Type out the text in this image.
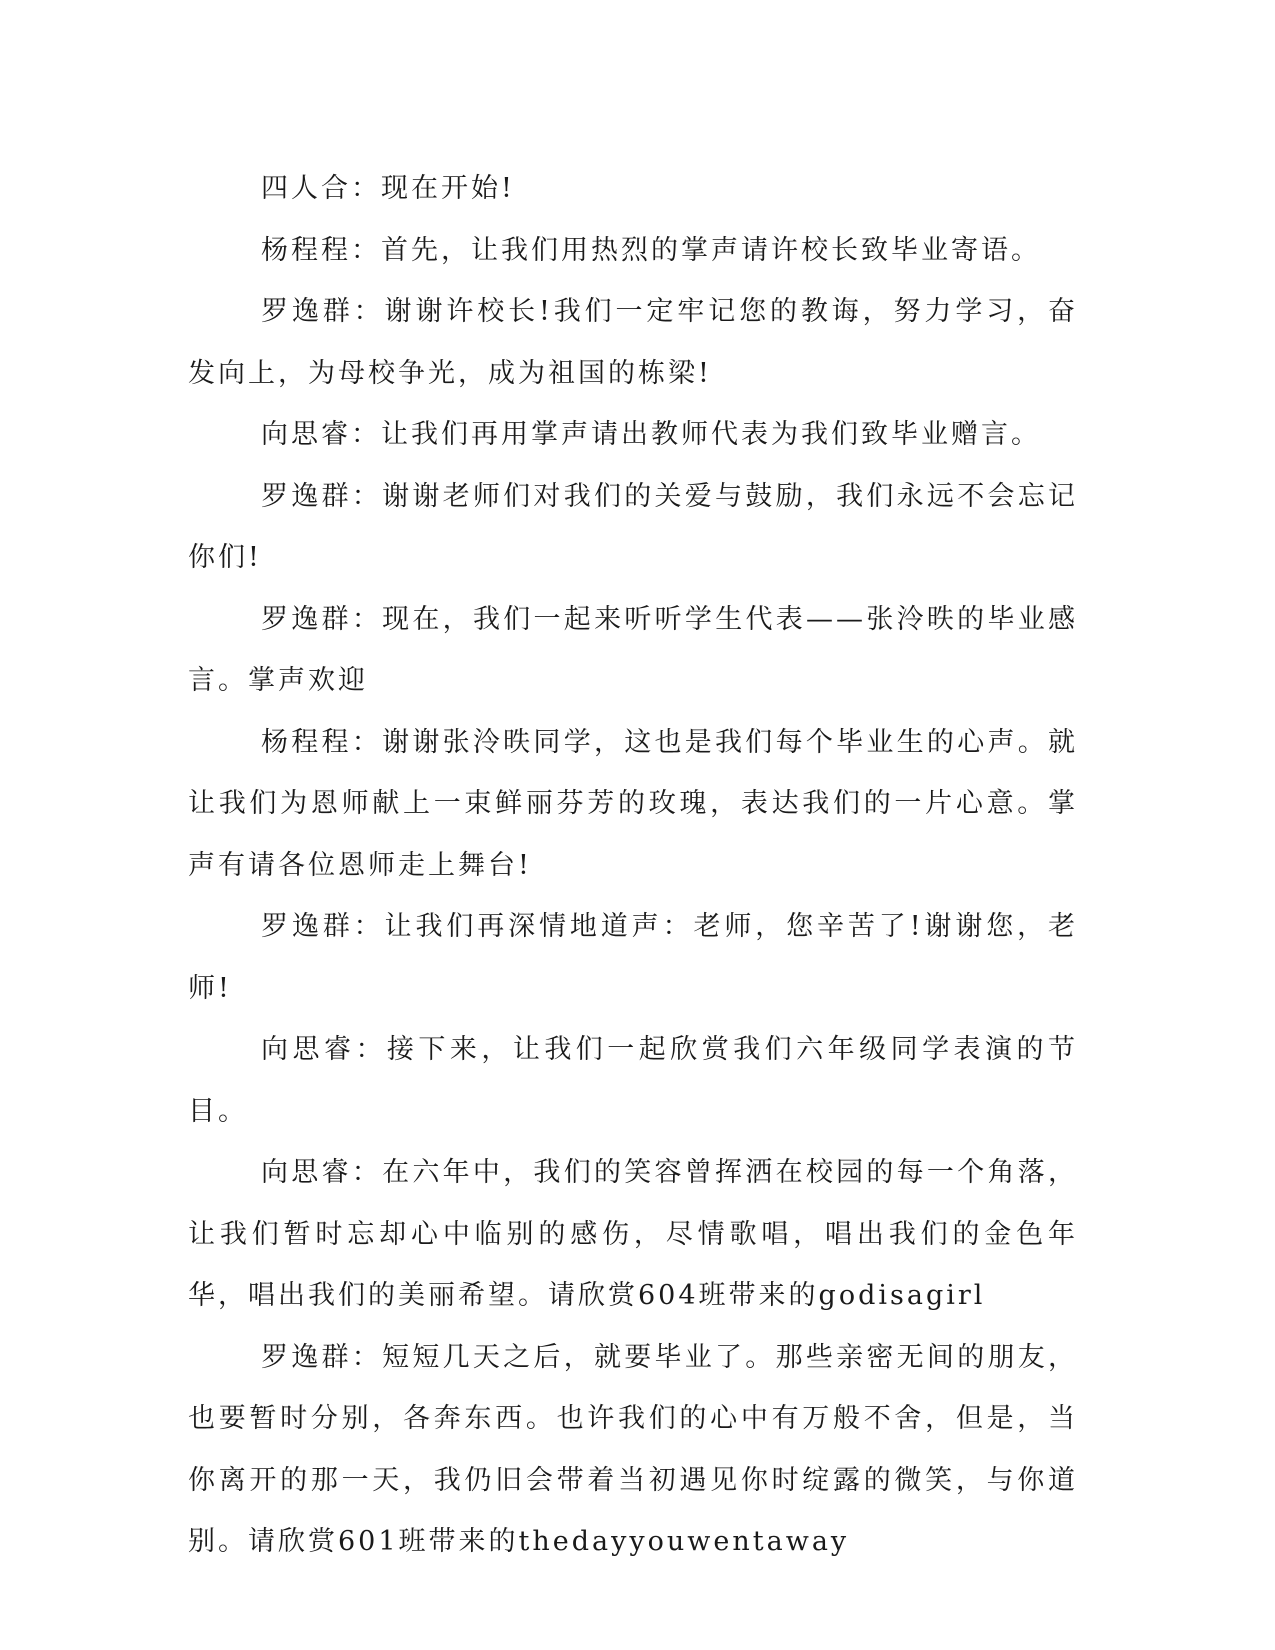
四人合：现在开始!

杨程程：首先，让我们用热烈的掌声请许校长致毕业寄语。

罗逸群：谢谢许校长!我们一定牢记您的教诲，努力学习，奋发向上，为母校争光，成为祖国的栋梁!

向思睿：让我们再用掌声请出教师代表为我们致毕业赠言。

罗逸群：谢谢老师们对我们的关爱与鼓励，我们永远不会忘记你们!

罗逸群：现在，我们一起来听听学生代表——张泠昳的毕业感言。掌声欢迎

杨程程：谢谢张泠昳同学，这也是我们每个毕业生的心声。就让我们为恩师献上一束鲜丽芬芳的玫瑰，表达我们的一片心意。掌声有请各位恩师走上舞台!

罗逸群：让我们再深情地道声：老师，您辛苦了!谢谢您，老师!

向思睿：接下来，让我们一起欣赏我们六年级同学表演的节目。

向思睿：在六年中，我们的笑容曾挥洒在校园的每一个角落，让我们暂时忘却心中临别的感伤，尽情歌唱，唱出我们的金色年华，唱出我们的美丽希望。请欣赏604班带来的godisagirl

罗逸群：短短几天之后，就要毕业了。那些亲密无间的朋友，也要暂时分别，各奔东西。也许我们的心中有万般不舍，但是，当你离开的那一天，我仍旧会带着当初遇见你时绽露的微笑，与你道别。请欣赏601班带来的thedayyouwentaway
